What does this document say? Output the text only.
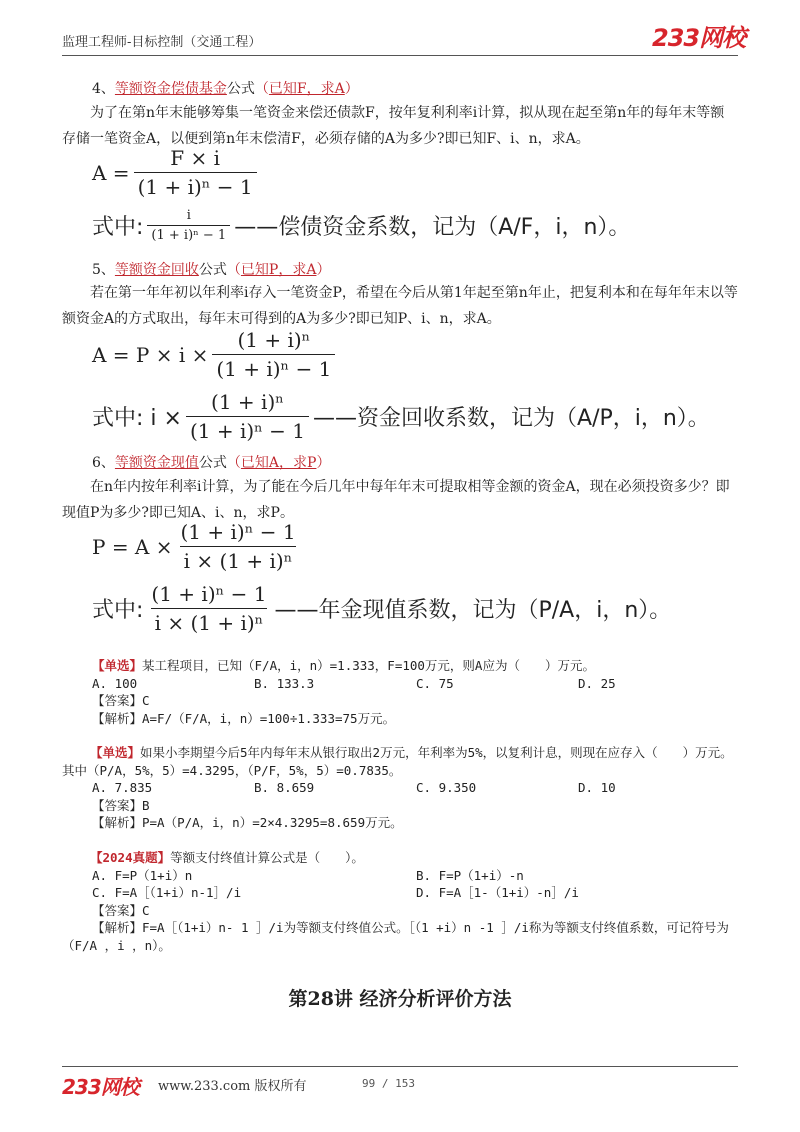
监理工程师-目标控制（交通工程）	233网校
4、等额资金偿债基金公式（已知F，求A）
为了在第n年末能够筹集一笔资金来偿还债款F，按年复利利率i计算，拟从现在起至第n年的每年末等额存储一笔资金A，以便到第n年末偿清F，必须存储的A为多少?即已知F、i、n，求A。
$A = \frac{F \times i}{\text{(1 + i)ⁿ − 1}}$
式中: $\frac{i}{\text{(1 + i)ⁿ − 1}}$ ——偿债资金系数，记为（A/F，i，n）。
5、等额资金回收公式（已知P，求A）
若在第一年年初以年利率i存入一笔资金P，希望在今后从第1年起至第n年止，把复利本和在每年年末以等额资金A的方式取出，每年末可得到的A为多少?即已知P、i、n，求A。
$A = P \times i \times \frac{\text{(1 + i)ⁿ}}{\text{(1 + i)ⁿ − 1}}$
式中: $i \times \frac{\text{(1 + i)ⁿ}}{\text{(1 + i)ⁿ − 1}}$ ——资金回收系数，记为（A/P，i，n）。
6、等额资金现值公式（已知A，求P）
在n年内按年利率i计算，为了能在今后几年中每年年末可提取相等金额的资金A，现在必须投资多少？即现值P为多少?即已知A、i、n，求P。
$P = A \times \frac{\text{(1 + i)ⁿ − 1}}{\text{i × (1 + i)ⁿ}}$
式中: $\frac{\text{(1 + i)ⁿ − 1}}{\text{i × (1 + i)ⁿ}}$ ——年金现值系数，记为（P/A，i，n）。
【单选】某工程项目，已知（F/A，i，n）=1.333，F=100万元，则A应为（　　）万元。
A. 100	B. 133.3	C. 75	D. 25
【答案】C
【解析】A=F/（F/A，i，n）=100÷1.333=75万元。
【单选】如果小李期望今后5年内每年末从银行取出2万元，年利率为5%，以复利计息，则现在应存入（　　）万元。其中（P/A，5%，5）=4.3295，（P/F，5%，5）=0.7835。
A. 7.835	B. 8.659	C. 9.350	D. 10
【答案】B
【解析】P=A（P/A，i，n）=2×4.3295=8.659万元。
【2024真题】等额支付终值计算公式是（　　）。
A. F=P（1+i）n	B. F=P（1+i）-n
C. F=A［（1+i）n-1］/i	D. F=A［1-（1+i）-n］/i
【答案】C
【解析】F=A［（1+i）n- 1 ］/i为等额支付终值公式。［（1 +i）n -1 ］/i称为等额支付终值系数，可记符号为（F/A ，i ，n）。
第28讲 经济分析评价方法
233网校 www.233.com 版权所有	99 / 153
